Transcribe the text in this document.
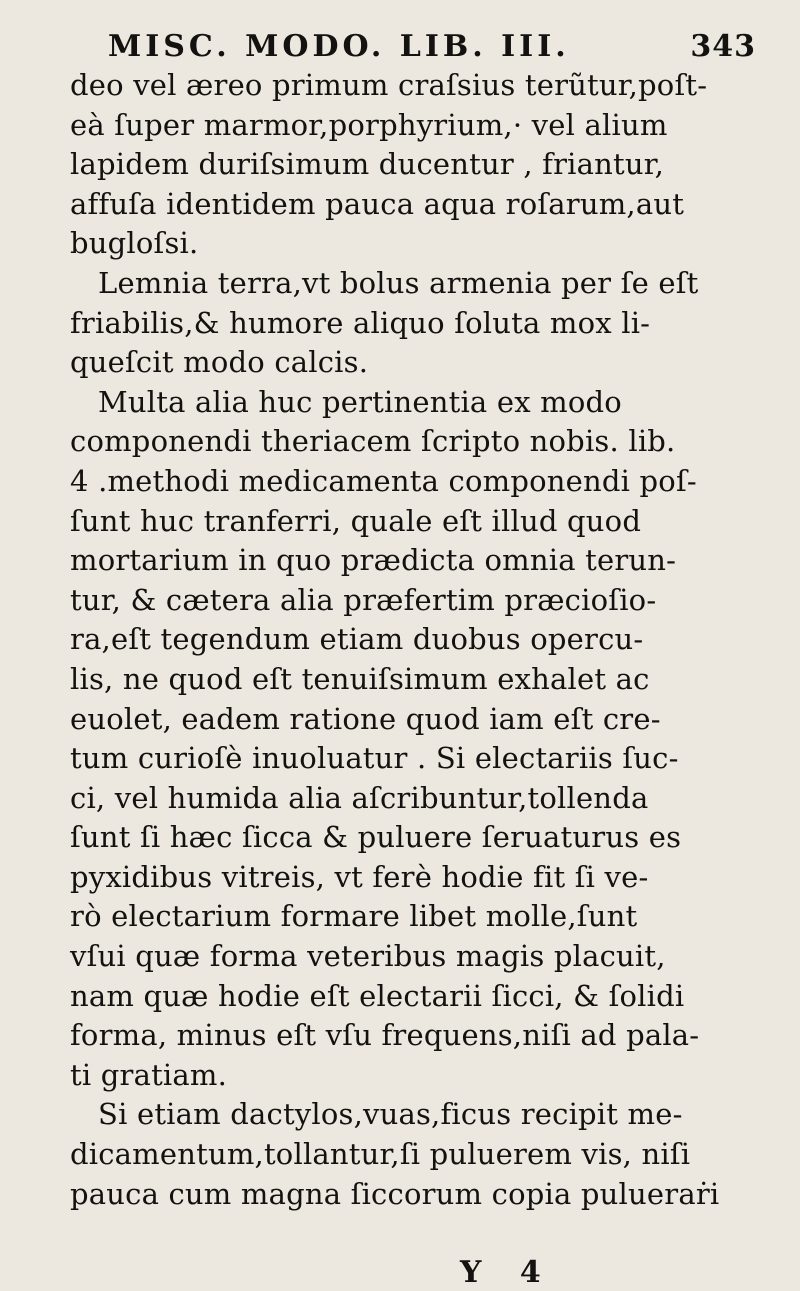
MISC. MODO. LIB. III.	343
deo vel æreo primum craſsius terũtur,poſt-
eà ſuper marmor,porphyrium,· vel alium
lapidem duriſsimum ducentur , friantur,
affuſa identidem pauca aqua roſarum,aut
bugloſsi.
Lemnia terra,vt bolus armenia per ſe eſt
friabilis,& humore aliquo ſoluta mox li-
queſcit modo calcis.
Multa alia huc pertinentia ex modo
componendi theriacem ſcripto nobis. lib.
4 .methodi medicamenta componendi poſ-
ſunt huc tranferri, quale eſt illud quod
mortarium in quo prædicta omnia terun-
tur, & cætera alia præfertim præcioſio-
ra,eſt tegendum etiam duobus opercu-
lis, ne quod eſt tenuiſsimum exhalet ac
euolet, eadem ratione quod iam eſt cre-
tum curioſè inuoluatur . Si electariis ſuc-
ci, vel humida alia aſcribuntur,tollenda
ſunt ſi hæc ſicca & puluere ſeruaturus es
pyxidibus vitreis, vt ferè hodie fit ſi ve-
rò electarium formare libet molle,ſunt
vſui quæ forma veteribus magis placuit,
nam quæ hodie eſt electarii ſicci, & ſolidi
forma, minus eſt vſu frequens,niſi ad pala-
ti gratiam.
Si etiam dactylos,vuas,ficus recipit me-
dicamentum,tollantur,ſi puluerem vis, niſi
pauca cum magna ſiccorum copia pulueraṙi
Y 4
